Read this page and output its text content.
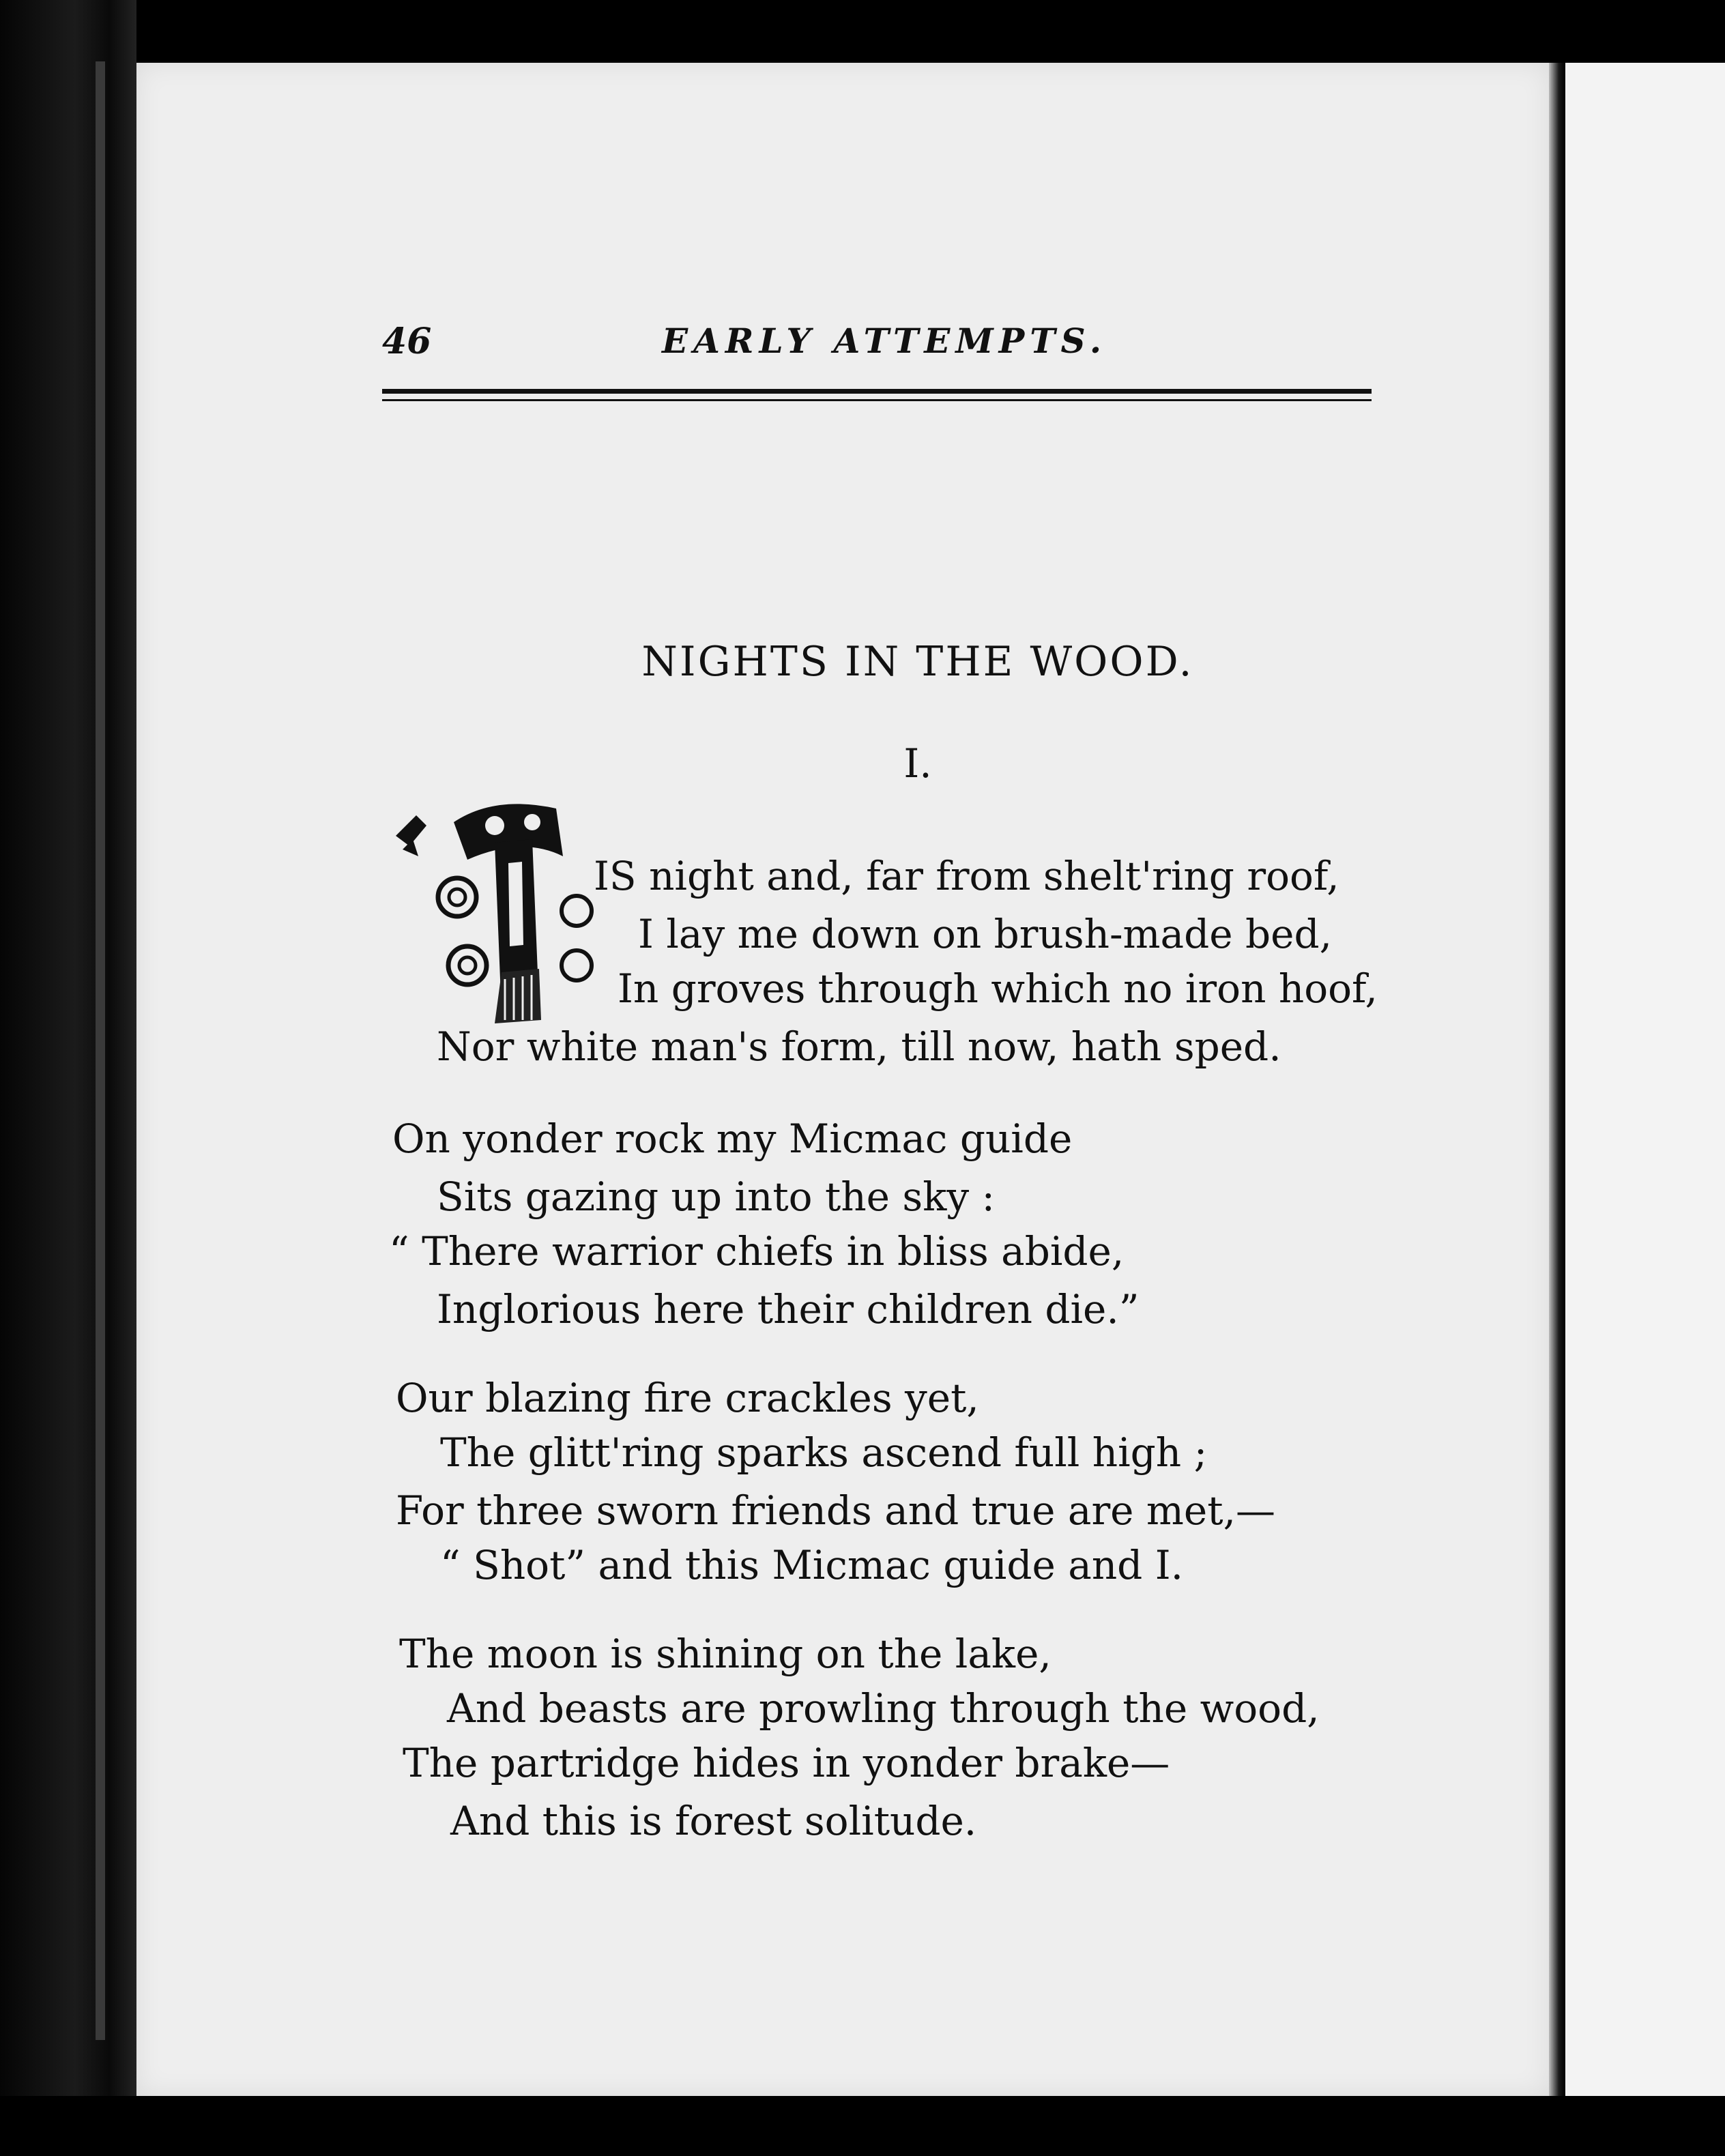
46	EARLY ATTEMPTS.
NIGHTS IN THE WOOD.
I.
IS night and, far from shelt'ring roof,
I lay me down on brush-made bed,
In groves through which no iron hoof,
Nor white man's form, till now, hath sped.
On yonder rock my Micmac guide
Sits gazing up into the sky :
“ There warrior chiefs in bliss abide,
Inglorious here their children die.”
Our blazing fire crackles yet,
The glitt'ring sparks ascend full high ;
For three sworn friends and true are met,—
“ Shot” and this Micmac guide and I.
The moon is shining on the lake,
And beasts are prowling through the wood,
The partridge hides in yonder brake—
And this is forest solitude.
